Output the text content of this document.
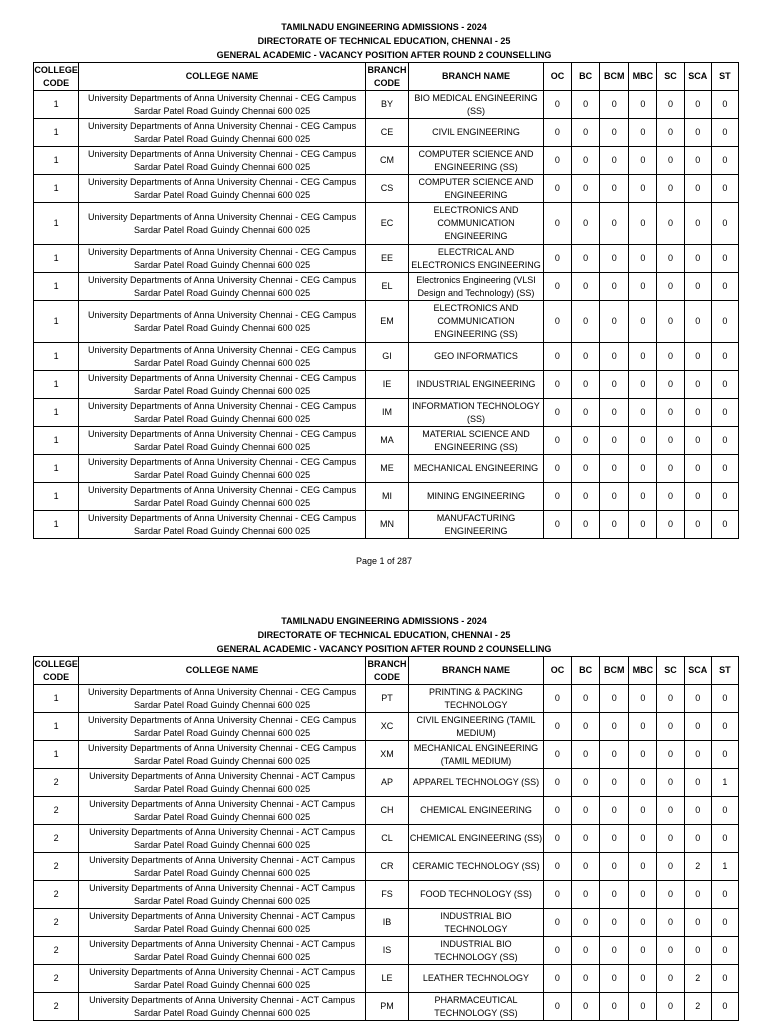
TAMILNADU ENGINEERING ADMISSIONS - 2024
DIRECTORATE OF TECHNICAL EDUCATION, CHENNAI - 25
GENERAL ACADEMIC - VACANCY POSITION AFTER ROUND 2 COUNSELLING
COLLEGE CODE	COLLEGE NAME	BRANCH CODE	BRANCH NAME	OC	BC	BCM	MBC	SC	SCA	ST
1	University Departments of Anna University Chennai - CEG Campus Sardar Patel Road Guindy Chennai 600 025	BY	BIO MEDICAL ENGINEERING (SS)	0	0	0	0	0	0	0
1	University Departments of Anna University Chennai - CEG Campus Sardar Patel Road Guindy Chennai 600 025	CE	CIVIL ENGINEERING	0	0	0	0	0	0	0
1	University Departments of Anna University Chennai - CEG Campus Sardar Patel Road Guindy Chennai 600 025	CM	COMPUTER SCIENCE AND ENGINEERING (SS)	0	0	0	0	0	0	0
1	University Departments of Anna University Chennai - CEG Campus Sardar Patel Road Guindy Chennai 600 025	CS	COMPUTER SCIENCE AND ENGINEERING	0	0	0	0	0	0	0
1	University Departments of Anna University Chennai - CEG Campus Sardar Patel Road Guindy Chennai 600 025	EC	ELECTRONICS AND COMMUNICATION ENGINEERING	0	0	0	0	0	0	0
1	University Departments of Anna University Chennai - CEG Campus Sardar Patel Road Guindy Chennai 600 025	EE	ELECTRICAL AND ELECTRONICS ENGINEERING	0	0	0	0	0	0	0
1	University Departments of Anna University Chennai - CEG Campus Sardar Patel Road Guindy Chennai 600 025	EL	Electronics Engineering (VLSI Design and Technology) (SS)	0	0	0	0	0	0	0
1	University Departments of Anna University Chennai - CEG Campus Sardar Patel Road Guindy Chennai 600 025	EM	ELECTRONICS AND COMMUNICATION ENGINEERING (SS)	0	0	0	0	0	0	0
1	University Departments of Anna University Chennai - CEG Campus Sardar Patel Road Guindy Chennai 600 025	GI	GEO INFORMATICS	0	0	0	0	0	0	0
1	University Departments of Anna University Chennai - CEG Campus Sardar Patel Road Guindy Chennai 600 025	IE	INDUSTRIAL ENGINEERING	0	0	0	0	0	0	0
1	University Departments of Anna University Chennai - CEG Campus Sardar Patel Road Guindy Chennai 600 025	IM	INFORMATION TECHNOLOGY (SS)	0	0	0	0	0	0	0
1	University Departments of Anna University Chennai - CEG Campus Sardar Patel Road Guindy Chennai 600 025	MA	MATERIAL SCIENCE AND ENGINEERING (SS)	0	0	0	0	0	0	0
1	University Departments of Anna University Chennai - CEG Campus Sardar Patel Road Guindy Chennai 600 025	ME	MECHANICAL ENGINEERING	0	0	0	0	0	0	0
1	University Departments of Anna University Chennai - CEG Campus Sardar Patel Road Guindy Chennai 600 025	MI	MINING ENGINEERING	0	0	0	0	0	0	0
1	University Departments of Anna University Chennai - CEG Campus Sardar Patel Road Guindy Chennai 600 025	MN	MANUFACTURING ENGINEERING	0	0	0	0	0	0	0
Page 1 of 287
TAMILNADU ENGINEERING ADMISSIONS - 2024
DIRECTORATE OF TECHNICAL EDUCATION, CHENNAI - 25
GENERAL ACADEMIC - VACANCY POSITION AFTER ROUND 2 COUNSELLING
COLLEGE CODE	COLLEGE NAME	BRANCH CODE	BRANCH NAME	OC	BC	BCM	MBC	SC	SCA	ST
1	University Departments of Anna University Chennai - CEG Campus Sardar Patel Road Guindy Chennai 600 025	PT	PRINTING & PACKING TECHNOLOGY	0	0	0	0	0	0	0
1	University Departments of Anna University Chennai - CEG Campus Sardar Patel Road Guindy Chennai 600 025	XC	CIVIL ENGINEERING (TAMIL MEDIUM)	0	0	0	0	0	0	0
1	University Departments of Anna University Chennai - CEG Campus Sardar Patel Road Guindy Chennai 600 025	XM	MECHANICAL ENGINEERING (TAMIL MEDIUM)	0	0	0	0	0	0	0
2	University Departments of Anna University Chennai - ACT Campus Sardar Patel Road Guindy Chennai 600 025	AP	APPAREL TECHNOLOGY (SS)	0	0	0	0	0	0	1
2	University Departments of Anna University Chennai - ACT Campus Sardar Patel Road Guindy Chennai 600 025	CH	CHEMICAL ENGINEERING	0	0	0	0	0	0	0
2	University Departments of Anna University Chennai - ACT Campus Sardar Patel Road Guindy Chennai 600 025	CL	CHEMICAL ENGINEERING (SS)	0	0	0	0	0	0	0
2	University Departments of Anna University Chennai - ACT Campus Sardar Patel Road Guindy Chennai 600 025	CR	CERAMIC TECHNOLOGY (SS)	0	0	0	0	0	2	1
2	University Departments of Anna University Chennai - ACT Campus Sardar Patel Road Guindy Chennai 600 025	FS	FOOD TECHNOLOGY (SS)	0	0	0	0	0	0	0
2	University Departments of Anna University Chennai - ACT Campus Sardar Patel Road Guindy Chennai 600 025	IB	INDUSTRIAL BIO TECHNOLOGY	0	0	0	0	0	0	0
2	University Departments of Anna University Chennai - ACT Campus Sardar Patel Road Guindy Chennai 600 025	IS	INDUSTRIAL BIO TECHNOLOGY (SS)	0	0	0	0	0	0	0
2	University Departments of Anna University Chennai - ACT Campus Sardar Patel Road Guindy Chennai 600 025	LE	LEATHER TECHNOLOGY	0	0	0	0	0	2	0
2	University Departments of Anna University Chennai - ACT Campus Sardar Patel Road Guindy Chennai 600 025	PM	PHARMACEUTICAL TECHNOLOGY (SS)	0	0	0	0	0	2	0
